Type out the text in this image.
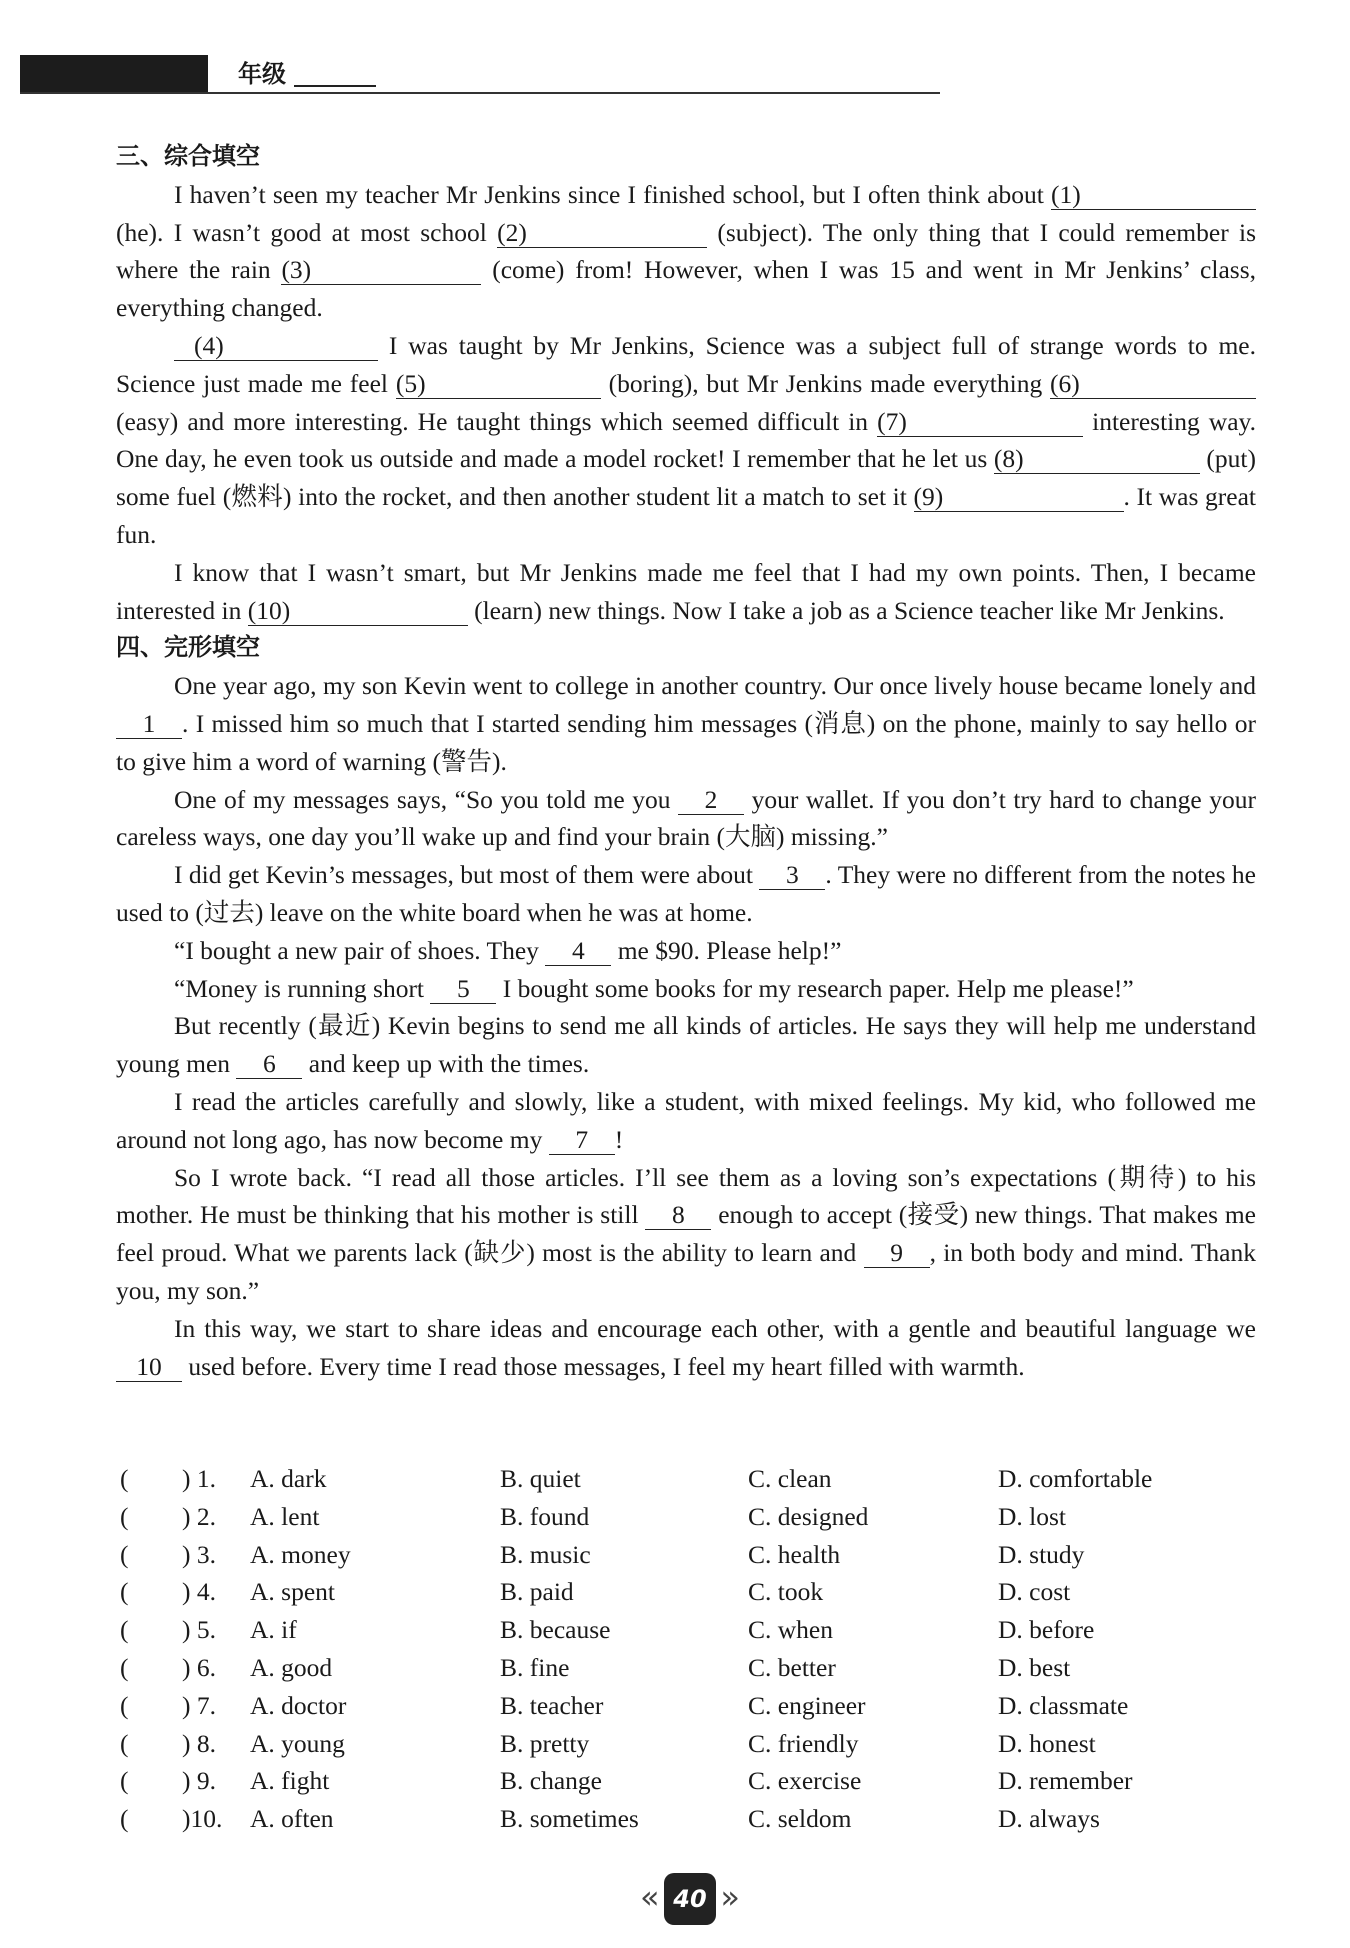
年级
三、综合填空

I haven’t seen my teacher Mr Jenkins since I finished school, but I often think about (1) (he). I wasn’t good at most school (2)	(subject). The only thing that I could remember is where the rain (3)	(come) from! However, when I was 15 and went in Mr Jenkins’ class, everything changed.

(4)	I was taught by Mr Jenkins, Science was a subject full of strange words to me. Science just made me feel (5)	(boring), but Mr Jenkins made everything (6) (easy) and more interesting. He taught things which seemed difficult in (7)	interesting way. One day, he even took us outside and made a model rocket! I remember that he let us (8)	(put) some fuel (燃料) into the rocket, and then another student lit a match to set it (9)	. It was great fun.

I know that I wasn’t smart, but Mr Jenkins made me feel that I had my own points. Then, I became interested in (10)	(learn) new things. Now I take a job as a Science teacher like Mr Jenkins.

四、完形填空

One year ago, my son Kevin went to college in another country. Our once lively house became lonely and 1 . I missed him so much that I started sending him messages (消息) on the phone, mainly to say hello or to give him a word of warning (警告).

One of my messages says, “So you told me you 2 your wallet. If you don’t try hard to change your careless ways, one day you’ll wake up and find your brain (大脑) missing.”

I did get Kevin’s messages, but most of them were about 3 . They were no different from the notes he used to (过去) leave on the white board when he was at home.

“I bought a new pair of shoes. They 4 me $90. Please help!”

“Money is running short 5 I bought some books for my research paper. Help me please!”

But recently (最近) Kevin begins to send me all kinds of articles. He says they will help me understand young men 6 and keep up with the times.

I read the articles carefully and slowly, like a student, with mixed feelings. My kid, who followed me around not long ago, has now become my 7 !

So I wrote back. “I read all those articles. I’ll see them as a loving son’s expectations (期待) to his mother. He must be thinking that his mother is still 8 enough to accept (接受) new things. That makes me feel proud. What we parents lack (缺少) most is the ability to learn and 9 , in both body and mind. Thank you, my son.”

In this way, we start to share ideas and encourage each other, with a gentle and beautiful language we 10 used before. Every time I read those messages, I feel my heart filled with warmth.

( ) 1. A. dark	B. quiet	C. clean	D. comfortable
( ) 2. A. lent	B. found	C. designed	D. lost
( ) 3. A. money	B. music	C. health	D. study
( ) 4. A. spent	B. paid	C. took	D. cost
( ) 5. A. if	B. because	C. when	D. before
( ) 6. A. good	B. fine	C. better	D. best
( ) 7. A. doctor	B. teacher	C. engineer	D. classmate
( ) 8. A. young	B. pretty	C. friendly	D. honest
( ) 9. A. fight	B. change	C. exercise	D. remember
( )10. A. often	B. sometimes	C. seldom	D. always
« 40 »
